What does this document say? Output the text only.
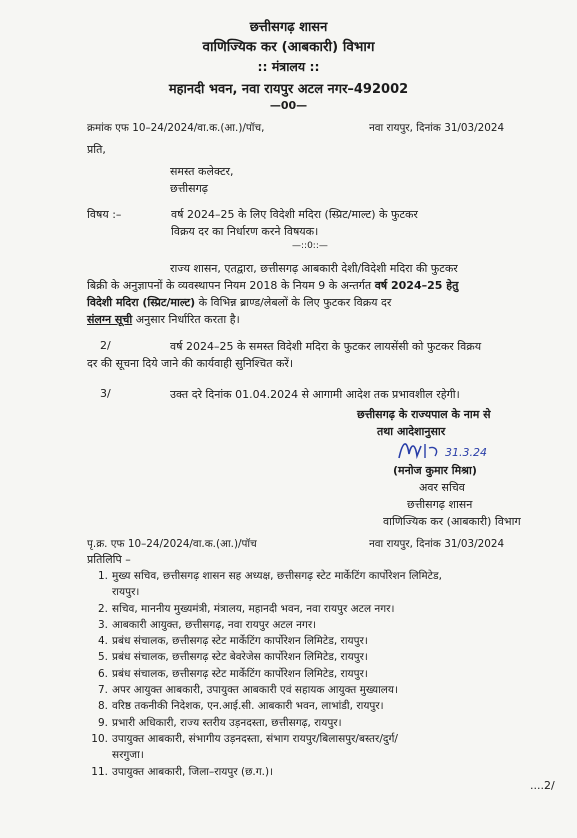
छत्तीसगढ़ शासन
वाणिज्यिक कर (आबकारी) विभाग
:: मंत्रालय ::
महानदी भवन, नवा रायपुर अटल नगर–492002
—00—
क्रमांक एफ 10–24/2024/वा.क.(आ.)/पॉच,	नवा रायपुर, दिनांक 31/03/2024
प्रति,
समस्त कलेक्टर,
छत्तीसगढ़
विषय :–	वर्ष 2024–25 के लिए विदेशी मदिरा (स्प्रिट/माल्ट) के फुटकर
विक्रय दर का निर्धारण करने विषयक।
—::0::—
राज्य शासन, एतद्वारा, छत्तीसगढ़ आबकारी देशी/विदेशी मदिरा की फुटकर
बिक्री के अनुज्ञापनों के व्यवस्थापन नियम 2018 के नियम 9 के अन्तर्गत वर्ष 2024–25 हेतु
विदेशी मदिरा (स्प्रिट/माल्ट) के विभिन्न ब्राण्ड/लेबलों के लिए फुटकर विक्रय दर
संलग्न सूची अनुसार निर्धारित करता है।
2/	वर्ष 2024–25 के समस्त विदेशी मदिरा के फुटकर लायसेंसी को फुटकर विक्रय
दर की सूचना दिये जाने की कार्यवाही सुनिश्चित करें।
3/	उक्त दरे दिनांक 01.04.2024 से आगामी आदेश तक प्रभावशील रहेगी।
छत्तीसगढ़ के राज्यपाल के नाम से
तथा आदेशानुसार
31.3.24
(मनोज कुमार मिश्रा)
अवर सचिव
छत्तीसगढ़ शासन
वाणिज्यिक कर (आबकारी) विभाग
पृ.क्र. एफ 10–24/2024/वा.क.(आ.)/पॉच	नवा रायपुर, दिनांक 31/03/2024
प्रतिलिपि –
1. मुख्य सचिव, छत्तीसगढ़ शासन सह अध्यक्ष, छत्तीसगढ़ स्टेट मार्केटिंग कार्पोरेशन लिमिटेड,
रायपुर।
2. सचिव, माननीय मुख्यमंत्री, मंत्रालय, महानदी भवन, नवा रायपुर अटल नगर।
3. आबकारी आयुक्त, छत्तीसगढ़, नवा रायपुर अटल नगर।
4. प्रबंध संचालक, छत्तीसगढ़ स्टेट मार्केटिंग कार्पोरेशन लिमिटेड, रायपुर।
5. प्रबंध संचालक, छत्तीसगढ़ स्टेट बेवरेजेस कार्पोरेशन लिमिटेड, रायपुर।
6. प्रबंध संचालक, छत्तीसगढ़ स्टेट मार्केटिंग कार्पोरेशन लिमिटेड, रायपुर।
7. अपर आयुक्त आबकारी, उपायुक्त आबकारी एवं सहायक आयुक्त मुख्यालय।
8. वरिष्ठ तकनीकी निदेशक, एन.आई.सी. आबकारी भवन, लाभांडी, रायपुर।
9. प्रभारी अधिकारी, राज्य स्तरीय उड़नदस्ता, छत्तीसगढ़, रायपुर।
10. उपायुक्त आबकारी, संभागीय उड़नदस्ता, संभाग रायपुर/बिलासपुर/बस्तर/दुर्ग/
सरगुजा।
11. उपायुक्त आबकारी, जिला–रायपुर (छ.ग.)।
....2/
